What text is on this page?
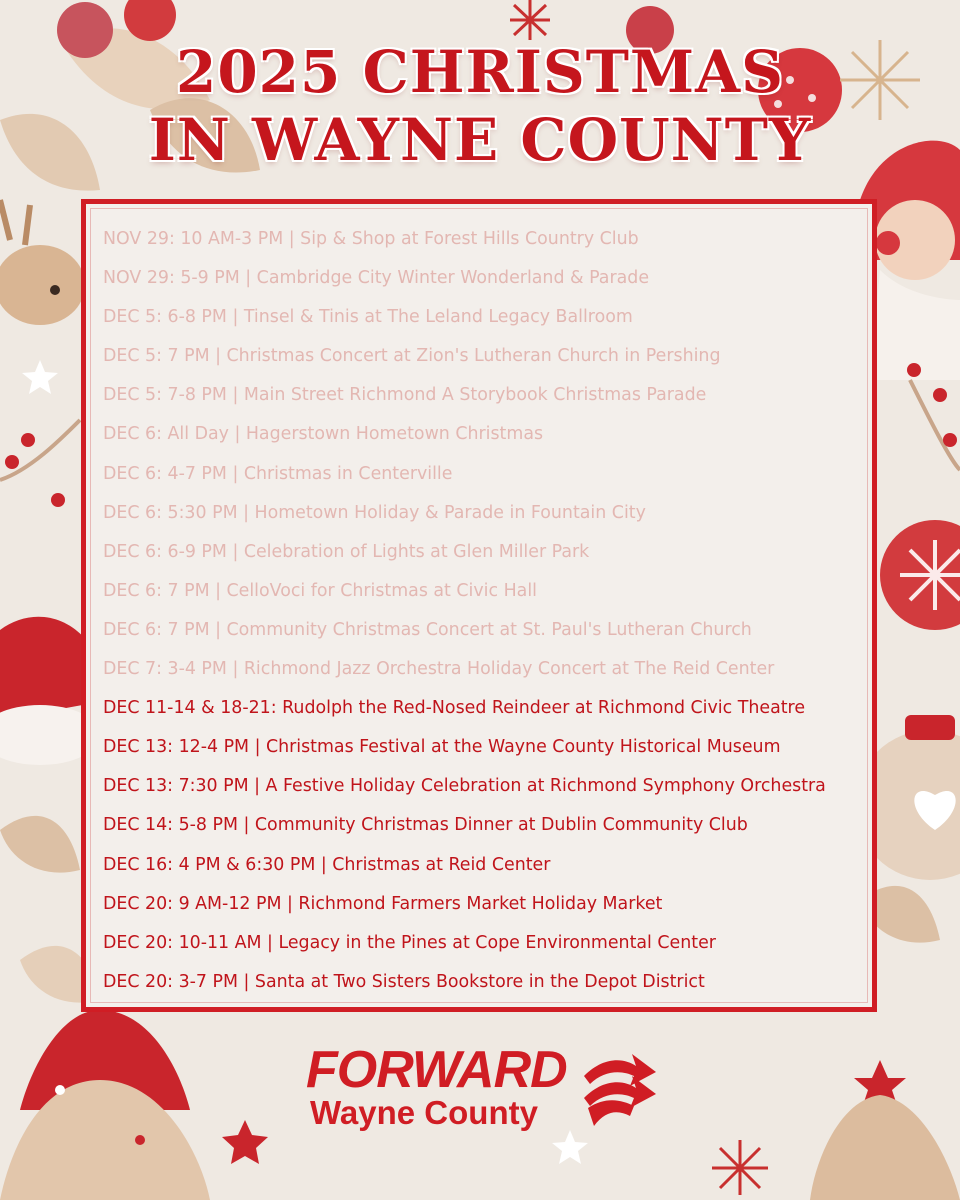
2025 CHRISTMAS
IN WAYNE COUNTY
NOV 29: 10 AM-3 PM | Sip & Shop at Forest Hills Country Club
NOV 29: 5-9 PM | Cambridge City Winter Wonderland & Parade
DEC 5: 6-8 PM | Tinsel & Tinis at The Leland Legacy Ballroom
DEC 5: 7 PM | Christmas Concert at Zion's Lutheran Church in Pershing
DEC 5: 7-8 PM | Main Street Richmond A Storybook Christmas Parade
DEC 6: All Day | Hagerstown Hometown Christmas
DEC 6: 4-7 PM | Christmas in Centerville
DEC 6: 5:30 PM | Hometown Holiday & Parade in Fountain City
DEC 6: 6-9 PM | Celebration of Lights at Glen Miller Park
DEC 6: 7 PM | CelloVoci for Christmas at Civic Hall
DEC 6: 7 PM | Community Christmas Concert at St. Paul's Lutheran Church
DEC 7: 3-4 PM | Richmond Jazz Orchestra Holiday Concert at The Reid Center
DEC 11-14 & 18-21: Rudolph the Red-Nosed Reindeer at Richmond Civic Theatre
DEC 13: 12-4 PM | Christmas Festival at the Wayne County Historical Museum
DEC 13: 7:30 PM | A Festive Holiday Celebration at Richmond Symphony Orchestra
DEC 14: 5-8 PM | Community Christmas Dinner at Dublin Community Club
DEC 16: 4 PM & 6:30 PM | Christmas at Reid Center
DEC 20: 9 AM-12 PM | Richmond Farmers Market Holiday Market
DEC 20: 10-11 AM | Legacy in the Pines at Cope Environmental Center
DEC 20: 3-7 PM | Santa at Two Sisters Bookstore in the Depot District
FORWARD
Wayne County
